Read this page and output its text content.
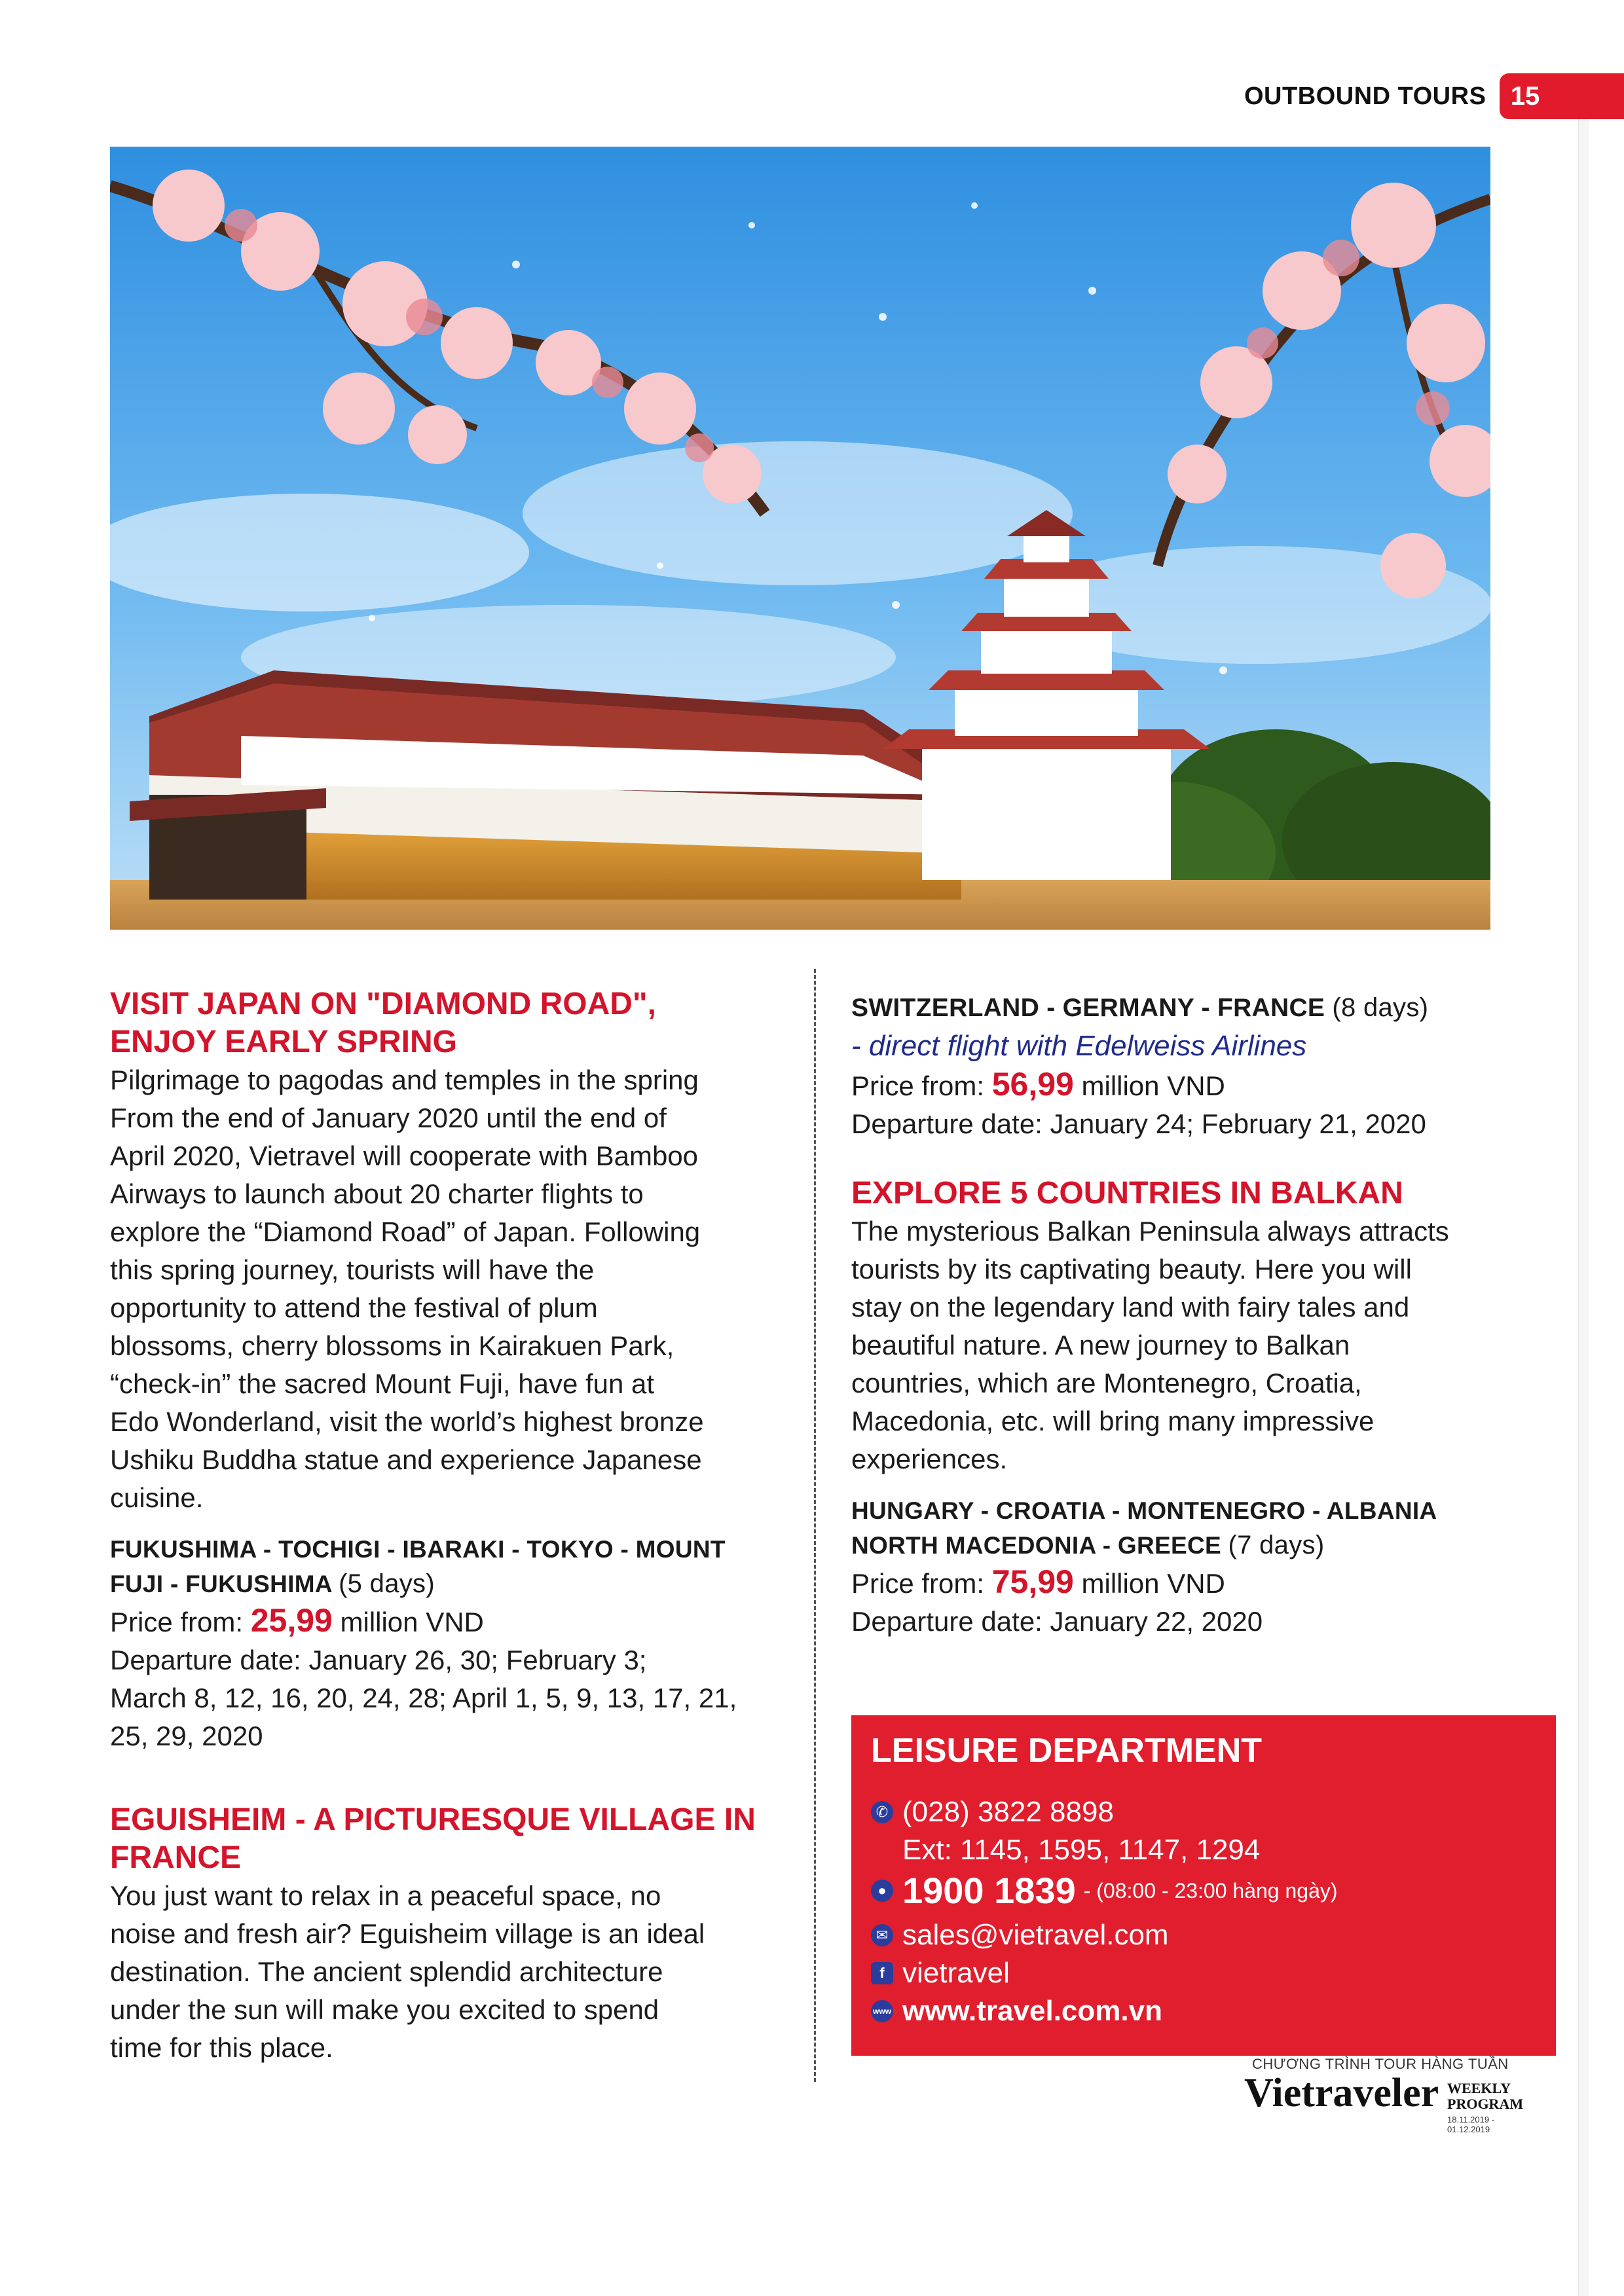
OUTBOUND TOURS 15

VISIT JAPAN ON "DIAMOND ROAD",

ENJOY EARLY SPRING

Pilgrimage to pagodas and temples in the spring

From the end of January 2020 until the end of

April 2020, Vietravel will cooperate with Bamboo

Airways to launch about 20 charter flights to

explore the “Diamond Road” of Japan. Following

this spring journey, tourists will have the

opportunity to attend the festival of plum

blossoms, cherry blossoms in Kairakuen Park,

“check-in” the sacred Mount Fuji, have fun at

Edo Wonderland, visit the world’s highest bronze

Ushiku Buddha statue and experience Japanese

cuisine.

FUKUSHIMA - TOCHIGI - IBARAKI - TOKYO - MOUNT

FUJI - FUKUSHIMA (5 days)

Price from: 25,99 million VND

Departure date: January 26, 30; February 3;

March 8, 12, 16, 20, 24, 28; April 1, 5, 9, 13, 17, 21,

25, 29, 2020

EGUISHEIM - A PICTURESQUE VILLAGE IN

FRANCE

You just want to relax in a peaceful space, no

noise and fresh air? Eguisheim village is an ideal

destination. The ancient splendid architecture

under the sun will make you excited to spend

time for this place.

SWITZERLAND - GERMANY - FRANCE (8 days)

- direct flight with Edelweiss Airlines

Price from: 56,99 million VND

Departure date: January 24; February 21, 2020

EXPLORE 5 COUNTRIES IN BALKAN

The mysterious Balkan Peninsula always attracts

tourists by its captivating beauty. Here you will

stay on the legendary land with fairy tales and

beautiful nature. A new journey to Balkan

countries, which are Montenegro, Croatia,

Macedonia, etc. will bring many impressive

experiences.

HUNGARY - CROATIA - MONTENEGRO - ALBANIA

NORTH MACEDONIA - GREECE (7 days)

Price from: 75,99 million VND

Departure date: January 22, 2020

LEISURE DEPARTMENT
✆ (028) 3822 8898
Ext: 1145, 1595, 1147, 1294
● 1900 1839 - (08:00 - 23:00 hàng ngày)
✉ sales@vietravel.com
f vietravel
www www.travel.com.vn
CHƯƠNG TRÌNH TOUR HÀNG TUẦN
Vietraveler WEEKLY
PROGRAM
18.11.2019 - 01.12.2019
